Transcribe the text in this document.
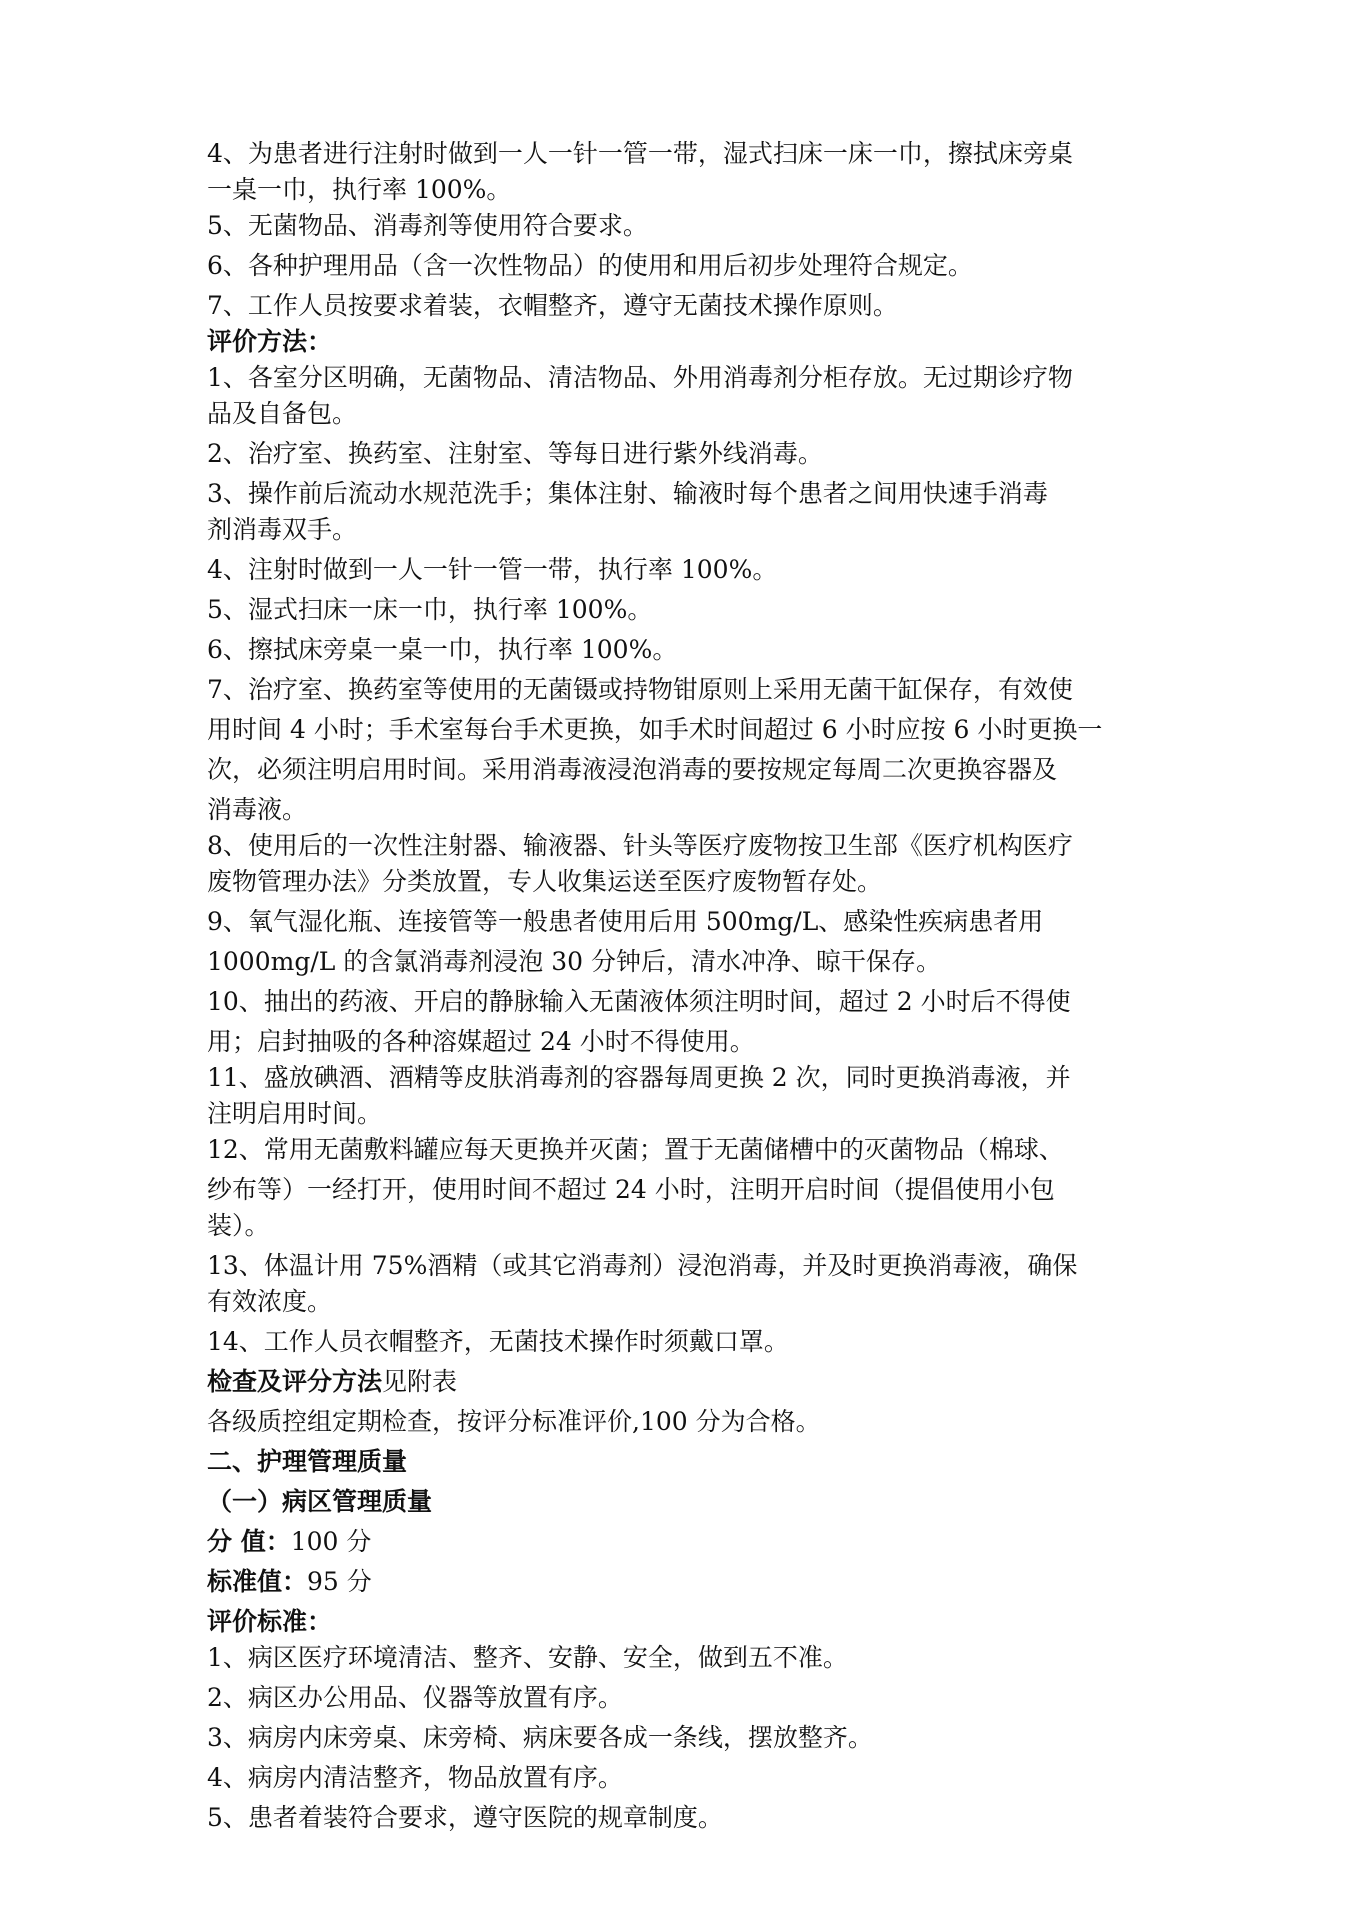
4、为患者进行注射时做到一人一针一管一带，湿式扫床一床一巾，擦拭床旁桌
一桌一巾，执行率 100%。
5、无菌物品、消毒剂等使用符合要求。
6、各种护理用品（含一次性物品）的使用和用后初步处理符合规定。
7、工作人员按要求着装，衣帽整齐，遵守无菌技术操作原则。
评价方法：
1、各室分区明确，无菌物品、清洁物品、外用消毒剂分柜存放。无过期诊疗物
品及自备包。
2、治疗室、换药室、注射室、等每日进行紫外线消毒。
3、操作前后流动水规范洗手；集体注射、输液时每个患者之间用快速手消毒
剂消毒双手。
4、注射时做到一人一针一管一带，执行率 100%。
5、湿式扫床一床一巾，执行率 100%。
6、擦拭床旁桌一桌一巾，执行率 100%。
7、治疗室、换药室等使用的无菌镊或持物钳原则上采用无菌干缸保存，有效使
用时间 4 小时；手术室每台手术更换，如手术时间超过 6 小时应按 6 小时更换一
次，必须注明启用时间。采用消毒液浸泡消毒的要按规定每周二次更换容器及
消毒液。
8、使用后的一次性注射器、输液器、针头等医疗废物按卫生部《医疗机构医疗
废物管理办法》分类放置，专人收集运送至医疗废物暂存处。
9、氧气湿化瓶、连接管等一般患者使用后用 500mg/L、感染性疾病患者用
1000mg/L 的含氯消毒剂浸泡 30 分钟后，清水冲净、晾干保存。
10、抽出的药液、开启的静脉输入无菌液体须注明时间，超过 2 小时后不得使
用；启封抽吸的各种溶媒超过 24 小时不得使用。
11、盛放碘酒、酒精等皮肤消毒剂的容器每周更换 2 次，同时更换消毒液，并
注明启用时间。
12、常用无菌敷料罐应每天更换并灭菌；置于无菌储槽中的灭菌物品（棉球、
纱布等）一经打开，使用时间不超过 24 小时，注明开启时间（提倡使用小包
装）。
13、体温计用 75%酒精（或其它消毒剂）浸泡消毒，并及时更换消毒液，确保
有效浓度。
14、工作人员衣帽整齐，无菌技术操作时须戴口罩。
检查及评分方法见附表
各级质控组定期检查，按评分标准评价,100 分为合格。
二、护理管理质量
（一）病区管理质量
分 值：100 分
标准值：95 分
评价标准：
1、病区医疗环境清洁、整齐、安静、安全，做到五不准。
2、病区办公用品、仪器等放置有序。
3、病房内床旁桌、床旁椅、病床要各成一条线，摆放整齐。
4、病房内清洁整齐，物品放置有序。
5、患者着装符合要求，遵守医院的规章制度。
